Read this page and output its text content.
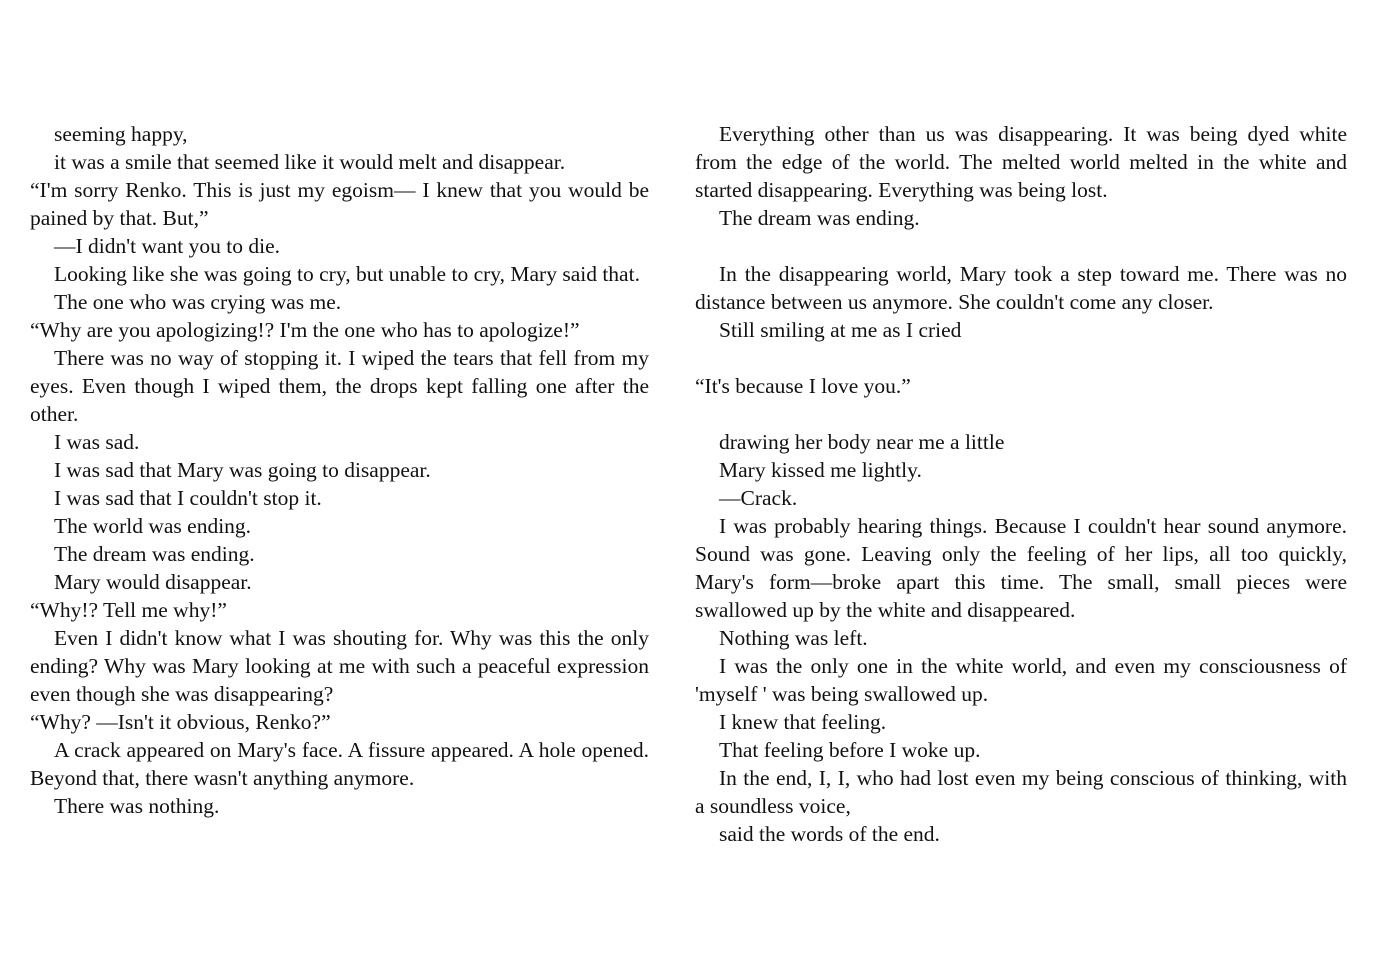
seeming happy,

it was a smile that seemed like it would melt and disappear.

“I'm sorry Renko. This is just my egoism— I knew that you would be pained by that. But,”

—I didn't want you to die.

Looking like she was going to cry, but unable to cry, Mary said that.

The one who was crying was me.

“Why are you apologizing!? I'm the one who has to apologize!”

There was no way of stopping it. I wiped the tears that fell from my eyes. Even though I wiped them, the drops kept falling one after the other.

I was sad.

I was sad that Mary was going to disappear.

I was sad that I couldn't stop it.

The world was ending.

The dream was ending.

Mary would disappear.

“Why!? Tell me why!”

Even I didn't know what I was shouting for. Why was this the only ending? Why was Mary looking at me with such a peaceful expression even though she was disappearing?

“Why? —Isn't it obvious, Renko?”

A crack appeared on Mary's face. A fissure appeared. A hole opened. Beyond that, there wasn't anything anymore.

There was nothing.

Everything other than us was disappearing. It was being dyed white from the edge of the world. The melted world melted in the white and started disappearing. Everything was being lost.

The dream was ending.

In the disappearing world, Mary took a step toward me. There was no distance between us anymore. She couldn't come any closer.

Still smiling at me as I cried

“It's because I love you.”

drawing her body near me a little

Mary kissed me lightly.

—Crack.

I was probably hearing things. Because I couldn't hear sound anymore. Sound was gone. Leaving only the feeling of her lips, all too quickly, Mary's form—broke apart this time. The small, small pieces were swallowed up by the white and disappeared.

Nothing was left.

I was the only one in the white world, and even my consciousness of 'myself ' was being swallowed up.

I knew that feeling.

That feeling before I woke up.

In the end, I, I, who had lost even my being conscious of thinking, with a soundless voice,

said the words of the end.
